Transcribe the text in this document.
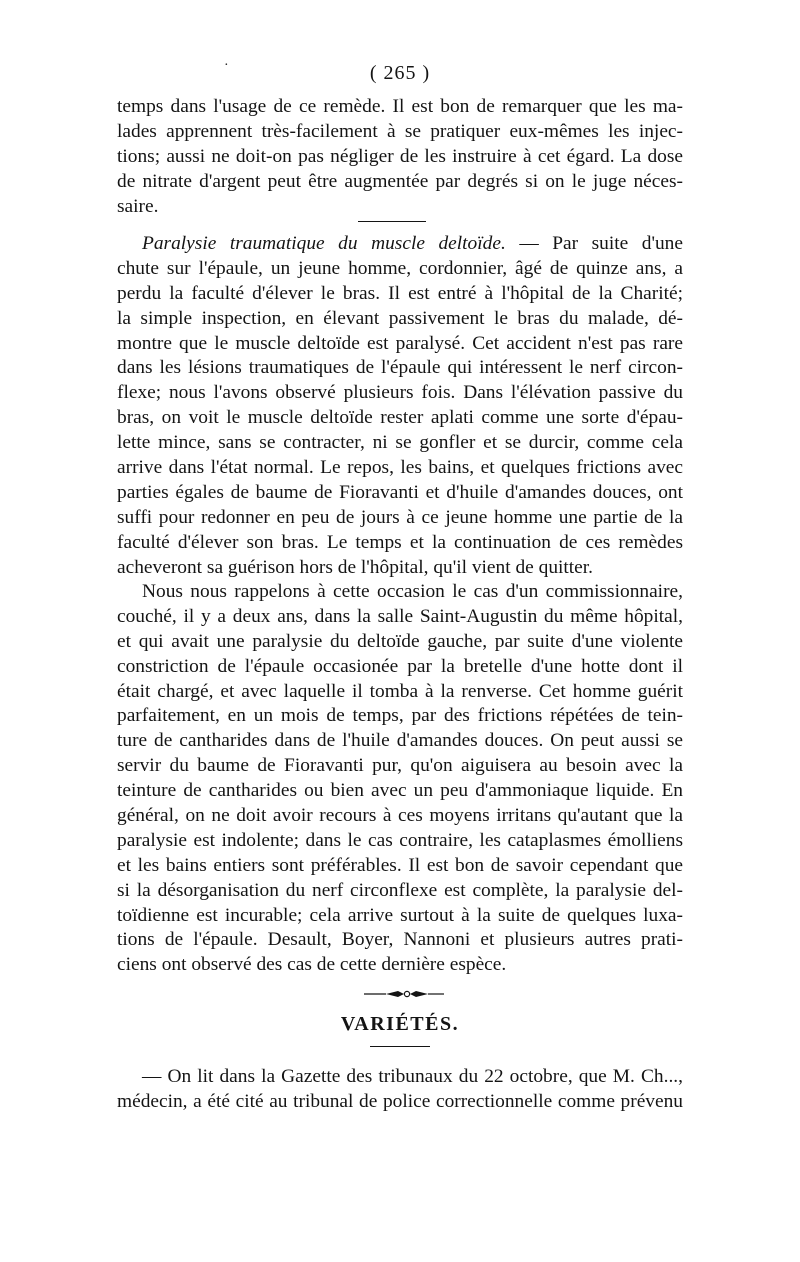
·	( 265 )
temps dans l'usage de ce remède. Il est bon de remarquer que les ma-
lades apprennent très-facilement à se pratiquer eux-mêmes les injec-
tions; aussi ne doit-on pas négliger de les instruire à cet égard. La dose
de nitrate d'argent peut être augmentée par degrés si on le juge néces-
saire.
Paralysie traumatique du muscle deltoïde. — Par suite d'une
chute sur l'épaule, un jeune homme, cordonnier, âgé de quinze ans, a
perdu la faculté d'élever le bras. Il est entré à l'hôpital de la Charité;
la simple inspection, en élevant passivement le bras du malade, dé-
montre que le muscle deltoïde est paralysé. Cet accident n'est pas rare
dans les lésions traumatiques de l'épaule qui intéressent le nerf circon-
flexe; nous l'avons observé plusieurs fois. Dans l'élévation passive du
bras, on voit le muscle deltoïde rester aplati comme une sorte d'épau-
lette mince, sans se contracter, ni se gonfler et se durcir, comme cela
arrive dans l'état normal. Le repos, les bains, et quelques frictions avec
parties égales de baume de Fioravanti et d'huile d'amandes douces, ont
suffi pour redonner en peu de jours à ce jeune homme une partie de la
faculté d'élever son bras. Le temps et la continuation de ces remèdes
acheveront sa guérison hors de l'hôpital, qu'il vient de quitter.
Nous nous rappelons à cette occasion le cas d'un commissionnaire,
couché, il y a deux ans, dans la salle Saint-Augustin du même hôpital,
et qui avait une paralysie du deltoïde gauche, par suite d'une violente
constriction de l'épaule occasionée par la bretelle d'une hotte dont il
était chargé, et avec laquelle il tomba à la renverse. Cet homme guérit
parfaitement, en un mois de temps, par des frictions répétées de tein-
ture de cantharides dans de l'huile d'amandes douces. On peut aussi se
servir du baume de Fioravanti pur, qu'on aiguisera au besoin avec la
teinture de cantharides ou bien avec un peu d'ammoniaque liquide. En
général, on ne doit avoir recours à ces moyens irritans qu'autant que la
paralysie est indolente; dans le cas contraire, les cataplasmes émolliens
et les bains entiers sont préférables. Il est bon de savoir cependant que
si la désorganisation du nerf circonflexe est complète, la paralysie del-
toïdienne est incurable; cela arrive surtout à la suite de quelques luxa-
tions de l'épaule. Desault, Boyer, Nannoni et plusieurs autres prati-
ciens ont observé des cas de cette dernière espèce.
VARIÉTÉS.
— On lit dans la Gazette des tribunaux du 22 octobre, que M. Ch...,
médecin, a été cité au tribunal de police correctionnelle comme prévenu
